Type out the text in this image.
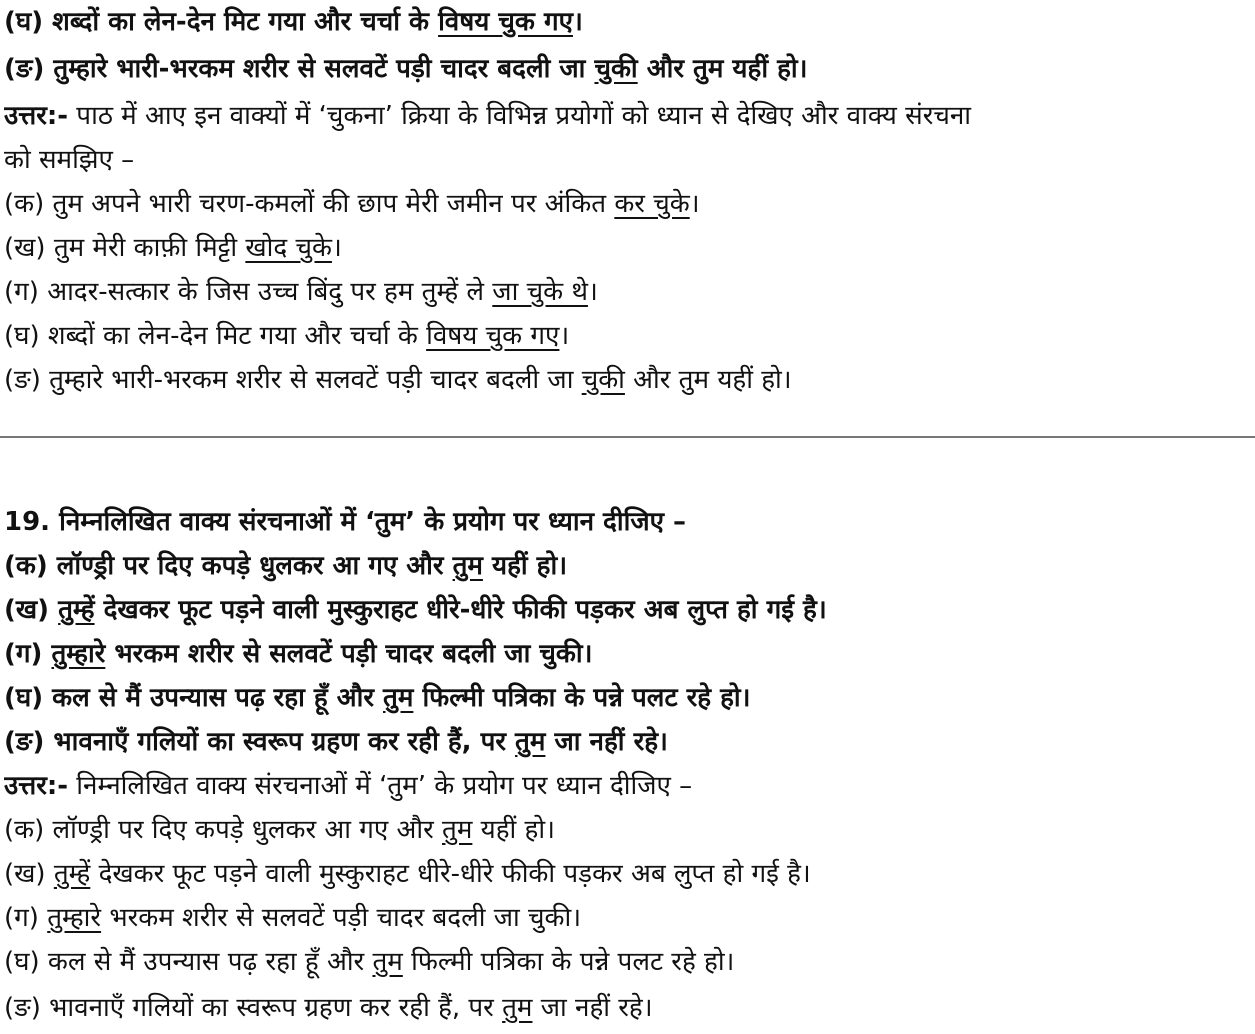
(घ) शब्दों का लेन-देन मिट गया और चर्चा के विषय चुक गए।
(ङ) तुम्हारे भारी-भरकम शरीर से सलवटें पड़ी चादर बदली जा चुकी और तुम यहीं हो।
उत्तर:- पाठ में आए इन वाक्यों में ‘चुकना’ क्रिया के विभिन्न प्रयोगों को ध्यान से देखिए और वाक्य संरचना
को समझिए –
(क) तुम अपने भारी चरण-कमलों की छाप मेरी जमीन पर अंकित कर चुके।
(ख) तुम मेरी काफ़ी मिट्टी खोद चुके।
(ग) आदर-सत्कार के जिस उच्च बिंदु पर हम तुम्हें ले जा चुके थे।
(घ) शब्दों का लेन-देन मिट गया और चर्चा के विषय चुक गए।
(ङ) तुम्हारे भारी-भरकम शरीर से सलवटें पड़ी चादर बदली जा चुकी और तुम यहीं हो।
19. निम्नलिखित वाक्य संरचनाओं में ‘तुम’ के प्रयोग पर ध्यान दीजिए –
(क) लॉण्ड्री पर दिए कपड़े धुलकर आ गए और तुम यहीं हो।
(ख) तुम्हें देखकर फूट पड़ने वाली मुस्कुराहट धीरे-धीरे फीकी पड़कर अब लुप्त हो गई है।
(ग) तुम्हारे भरकम शरीर से सलवटें पड़ी चादर बदली जा चुकी।
(घ) कल से मैं उपन्यास पढ़ रहा हूँ और तुम फिल्मी पत्रिका के पन्ने पलट रहे हो।
(ङ) भावनाएँ गलियों का स्वरूप ग्रहण कर रही हैं, पर तुम जा नहीं रहे।
उत्तर:- निम्नलिखित वाक्य संरचनाओं में ‘तुम’ के प्रयोग पर ध्यान दीजिए –
(क) लॉण्ड्री पर दिए कपड़े धुलकर आ गए और तुम यहीं हो।
(ख) तुम्हें देखकर फूट पड़ने वाली मुस्कुराहट धीरे-धीरे फीकी पड़कर अब लुप्त हो गई है।
(ग) तुम्हारे भरकम शरीर से सलवटें पड़ी चादर बदली जा चुकी।
(घ) कल से मैं उपन्यास पढ़ रहा हूँ और तुम फिल्मी पत्रिका के पन्ने पलट रहे हो।
(ङ) भावनाएँ गलियों का स्वरूप ग्रहण कर रही हैं, पर तुम जा नहीं रहे।
